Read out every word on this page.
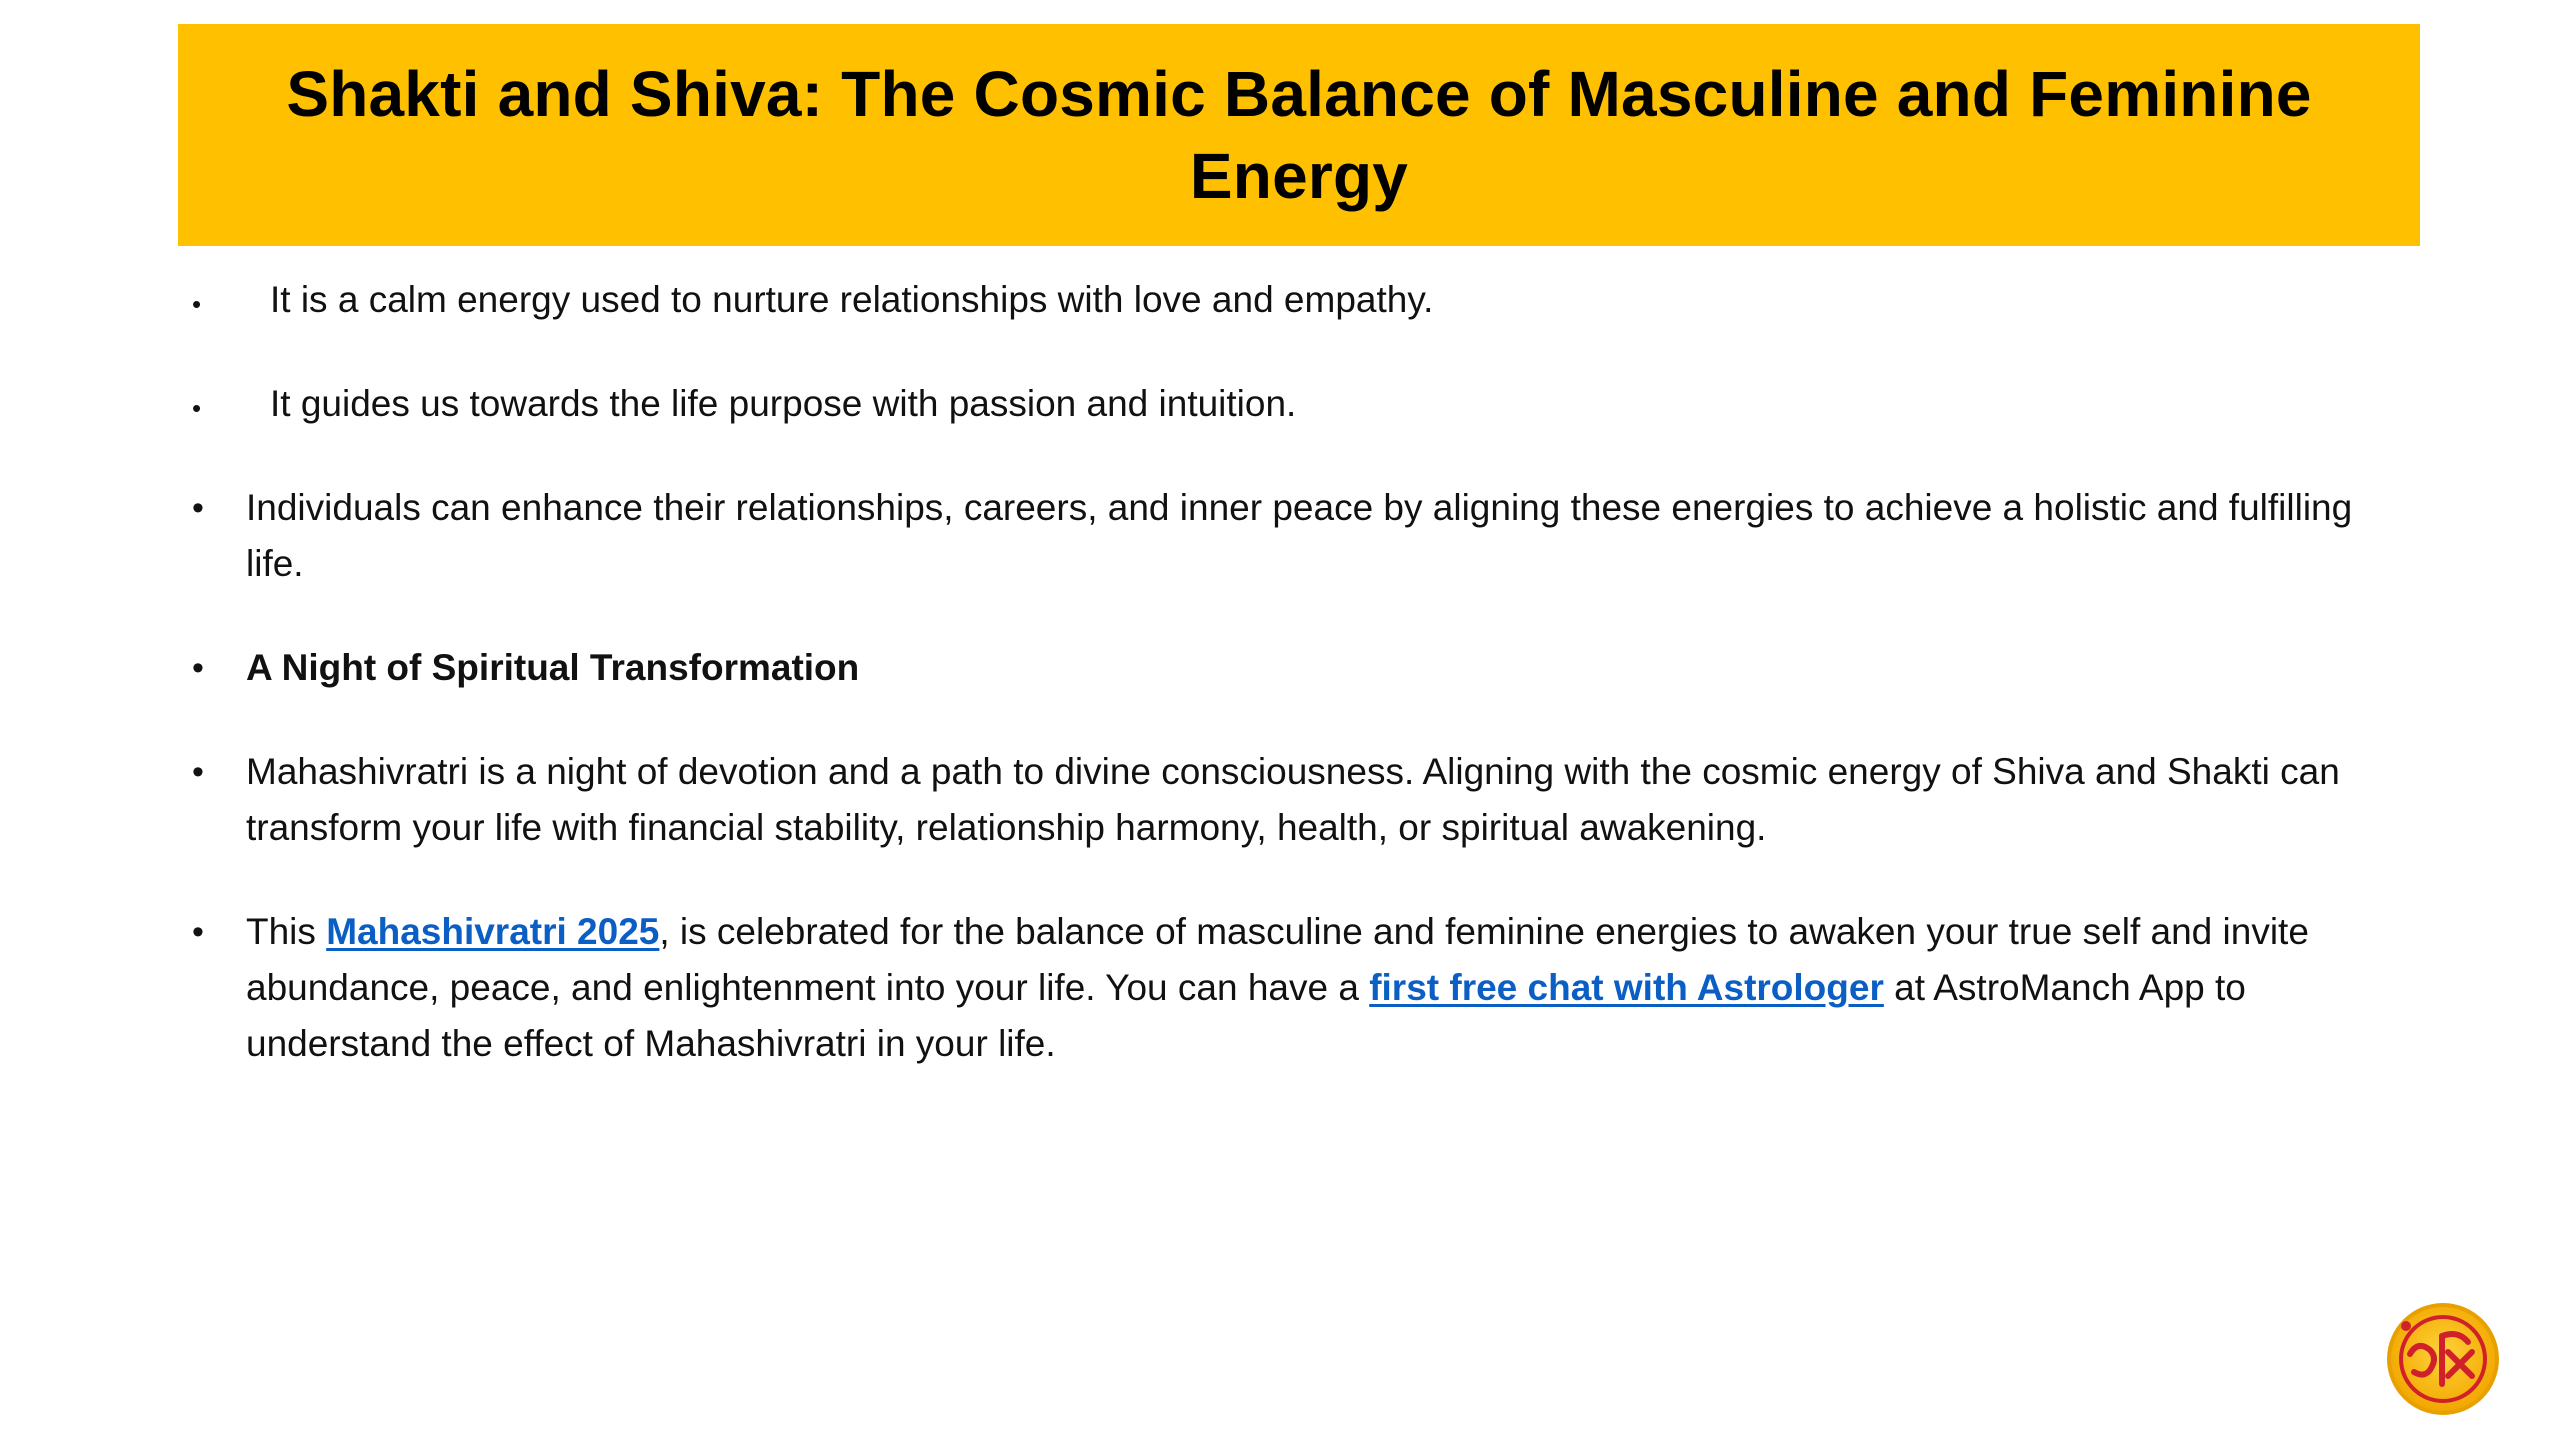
Shakti and Shiva: The Cosmic Balance of Masculine and Feminine Energy
• It is a calm energy used to nurture relationships with love and empathy.
• It guides us towards the life purpose with passion and intuition.
• Individuals can enhance their relationships, careers, and inner peace by aligning these energies to achieve a holistic and fulfilling life.
• A Night of Spiritual Transformation
• Mahashivratri is a night of devotion and a path to divine consciousness. Aligning with the cosmic energy of Shiva and Shakti can transform your life with financial stability, relationship harmony, health, or spiritual awakening.
• This Mahashivratri 2025, is celebrated for the balance of masculine and feminine energies to awaken your true self and invite abundance, peace, and enlightenment into your life. You can have a first free chat with Astrologer at AstroManch App to understand the effect of Mahashivratri in your life.
